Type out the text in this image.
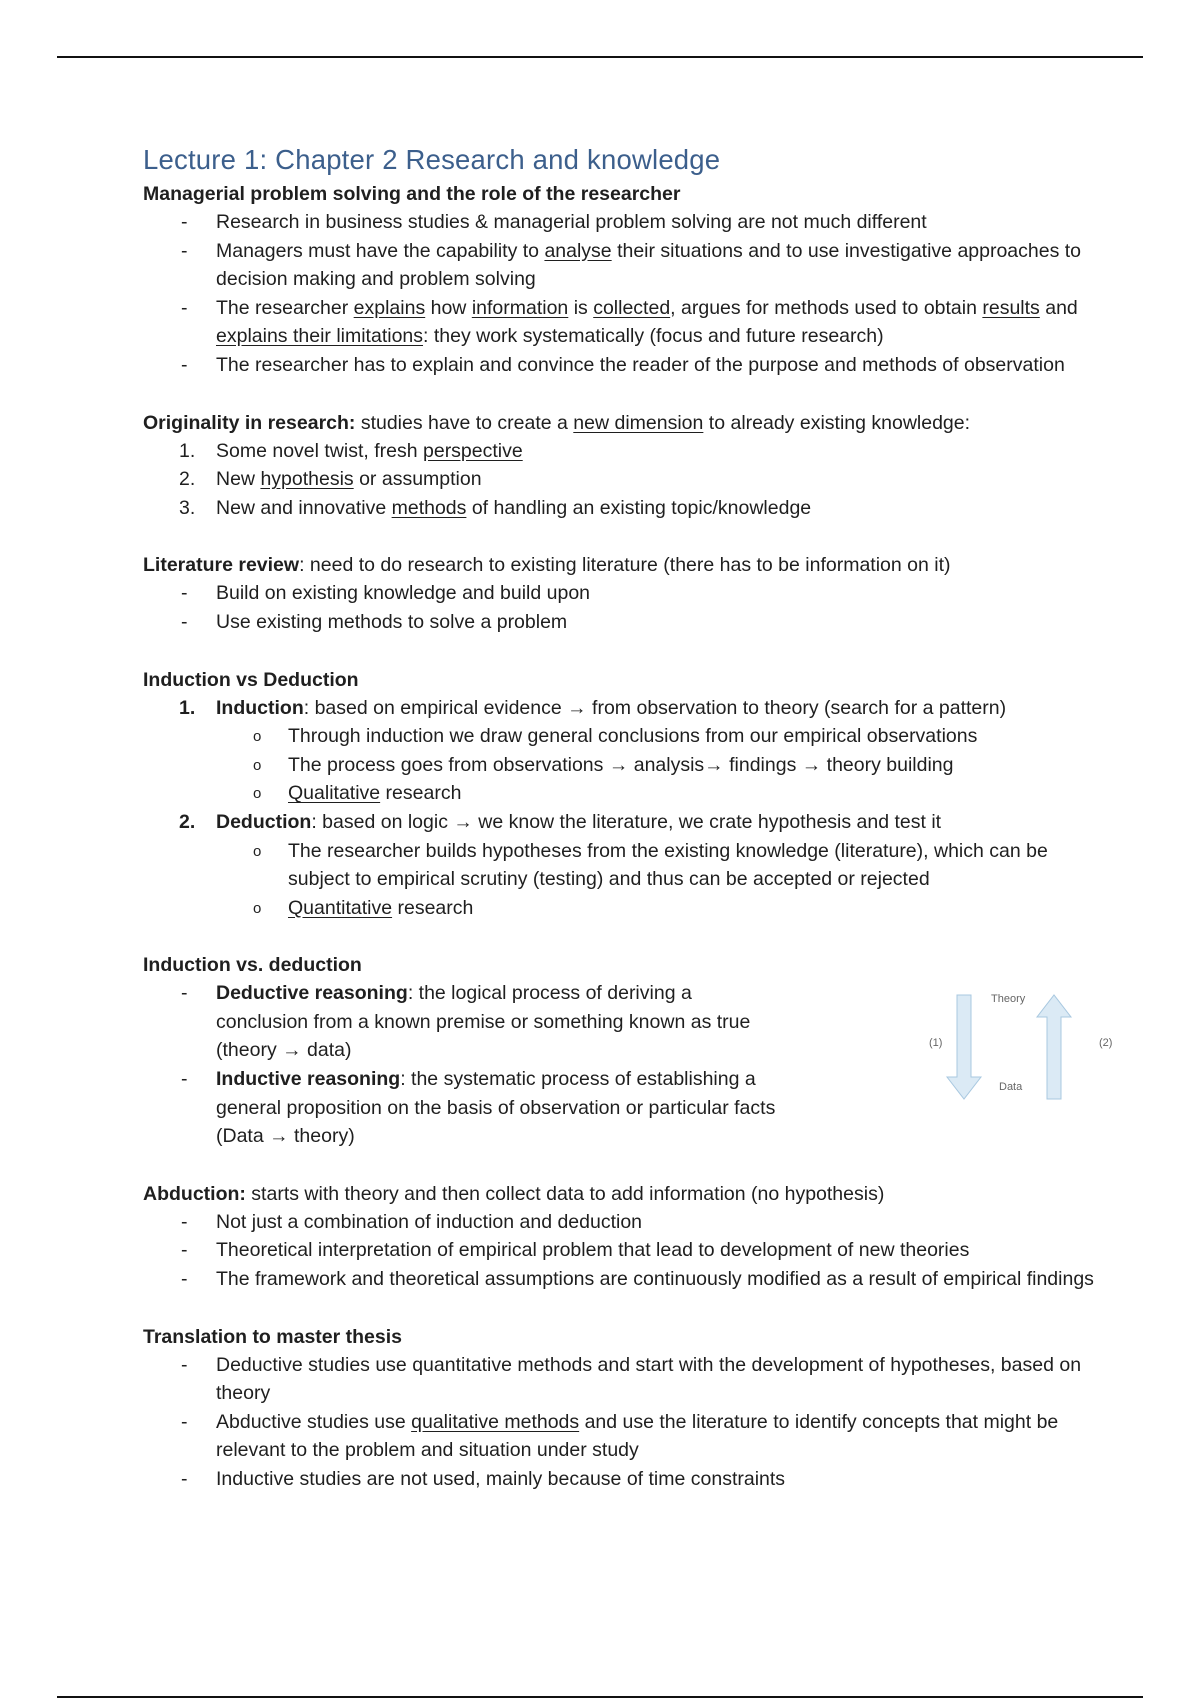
Lecture 1: Chapter 2 Research and knowledge

Managerial problem solving and the role of the researcher

-	Research in business studies & managerial problem solving are not much different
-	Managers must have the capability to analyse their situations and to use investigative approaches to decision making and problem solving
-	The researcher explains how information is collected, argues for methods used to obtain results and explains their limitations: they work systematically (focus and future research)
-	The researcher has to explain and convince the reader of the purpose and methods of observation

Originality in research: studies have to create a new dimension to already existing knowledge:

1.	Some novel twist, fresh perspective
2.	New hypothesis or assumption
3.	New and innovative methods of handling an existing topic/knowledge

Literature review: need to do research to existing literature (there has to be information on it)

-	Build on existing knowledge and build upon
-	Use existing methods to solve a problem

Induction vs Deduction

1.	Induction: based on empirical evidence → from observation to theory (search for a pattern)
o	Through induction we draw general conclusions from our empirical observations
o	The process goes from observations → analysis→ findings → theory building
o	Qualitative research
2.	Deduction: based on logic → we know the literature, we crate hypothesis and test it
o	The researcher builds hypotheses from the existing knowledge (literature), which can be subject to empirical scrutiny (testing) and thus can be accepted or rejected
o	Quantitative research

Induction vs. deduction

-	Deductive reasoning: the logical process of deriving a conclusion from a known premise or something known as true (theory → data)
-	Inductive reasoning: the systematic process of establishing a general proposition on the basis of observation or particular facts (Data → theory)
Theory
Data
(1)	(2)

Abduction: starts with theory and then collect data to add information (no hypothesis)

-	Not just a combination of induction and deduction
-	Theoretical interpretation of empirical problem that lead to development of new theories
-	The framework and theoretical assumptions are continuously modified as a result of empirical findings

Translation to master thesis

-	Deductive studies use quantitative methods and start with the development of hypotheses, based on theory
-	Abductive studies use qualitative methods and use the literature to identify concepts that might be relevant to the problem and situation under study
-	Inductive studies are not used, mainly because of time constraints
